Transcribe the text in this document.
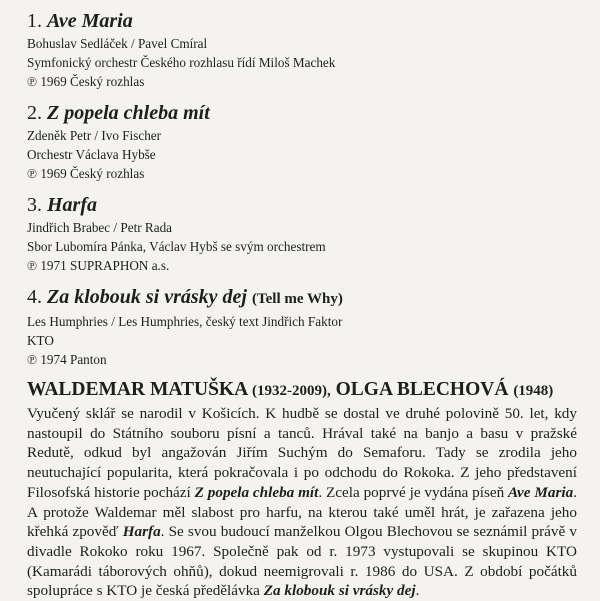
1. Ave Maria
Bohuslav Sedláček / Pavel Cmíral
Symfonický orchestr Českého rozhlasu řídí Miloš Machek
℗ 1969 Český rozhlas
2. Z popela chleba mít
Zdeněk Petr / Ivo Fischer
Orchestr Václava Hybše
℗ 1969 Český rozhlas
3. Harfa
Jindřich Brabec / Petr Rada
Sbor Lubomíra Pánka, Václav Hybš se svým orchestrem
℗ 1971 SUPRAPHON a.s.
4. Za klobouk si vrásky dej (Tell me Why)
Les Humphries / Les Humphries, český text Jindřich Faktor
KTO
℗ 1974 Panton
WALDEMAR MATUŠKA (1932-2009), OLGA BLECHOVÁ (1948)
Vyučený sklář se narodil v Košicích. K hudbě se dostal ve druhé polovině 50. let, kdy nastoupil do Státního souboru písní a tanců. Hrával také na banjo a basu v pražské Redutě, odkud byl angažován Jiřím Suchým do Semaforu. Tady se zrodila jeho neutuchající popularita, která pokračovala i po odchodu do Rokoka. Z jeho představení Filosofská historie pochází Z popela chleba mít. Zcela poprvé je vydána píseň Ave Maria. A protože Waldemar měl slabost pro harfu, na kterou také uměl hrát, je zařazena jeho křehká zpověď Harfa. Se svou budoucí manželkou Olgou Blechovou se seznámil právě v divadle Rokoko roku 1967. Společně pak od r. 1973 vystupovali se skupinou KTO (Kamarádi táborových ohňů), dokud neemigrovali r. 1986 do USA. Z období počátků spolupráce s KTO je česká předělávka Za klobouk si vrásky dej.
